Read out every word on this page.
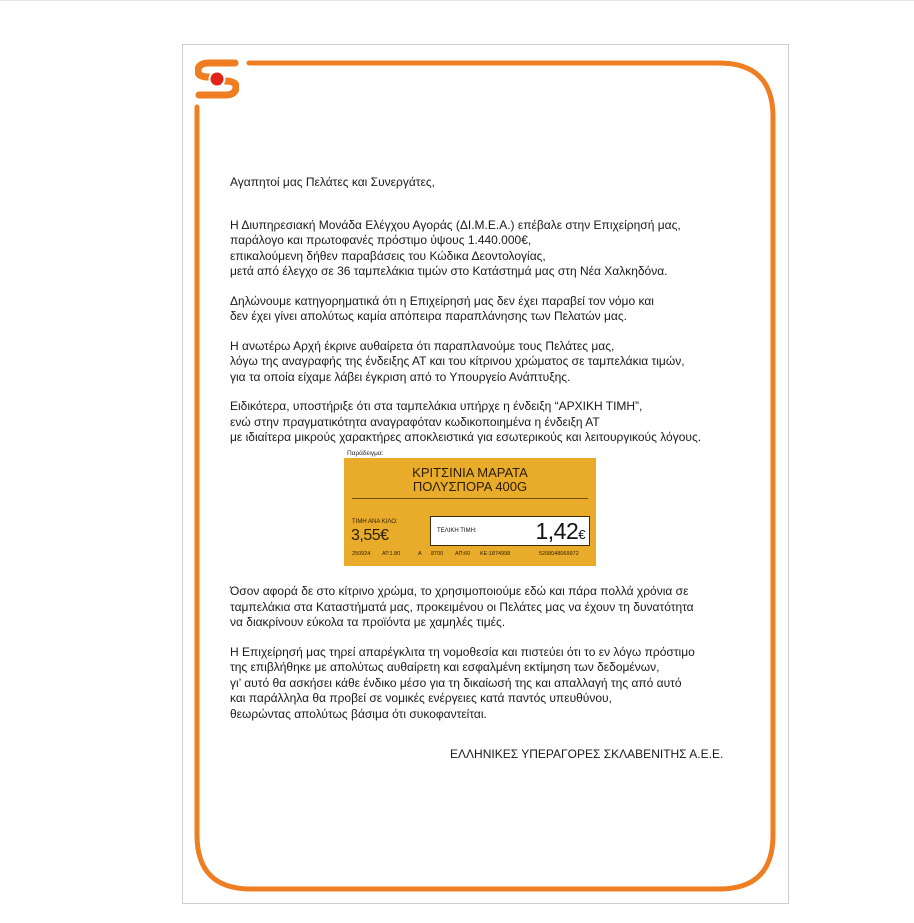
Αγαπητοί μας Πελάτες και Συνεργάτες,

Η Διυπηρεσιακή Μονάδα Ελέγχου Αγοράς (ΔΙ.Μ.Ε.Α.) επέβαλε στην Επιχείρησή μας,
παράλογο και πρωτοφανές πρόστιμο ύψους 1.440.000€,
επικαλούμενη δήθεν παραβάσεις του Κώδικα Δεοντολογίας,
μετά από έλεγχο σε 36 ταμπελάκια τιμών στο Κατάστημά μας στη Νέα Χαλκηδόνα.

Δηλώνουμε κατηγορηματικά ότι η Επιχείρησή μας δεν έχει παραβεί τον νόμο και
δεν έχει γίνει απολύτως καμία απόπειρα παραπλάνησης των Πελατών μας.

Η ανωτέρω Αρχή έκρινε αυθαίρετα ότι παραπλανούμε τους Πελάτες μας,
λόγω της αναγραφής της ένδειξης ΑΤ και του κίτρινου χρώματος σε ταμπελάκια τιμών,
για τα οποία είχαμε λάβει έγκριση από το Υπουργείο Ανάπτυξης.

Ειδικότερα, υποστήριξε ότι στα ταμπελάκια υπήρχε η ένδειξη “ΑΡΧΙΚΗ ΤΙΜΗ”,
ενώ στην πραγματικότητα αναγραφόταν κωδικοποιημένα η ένδειξη ΑΤ
με ιδιαίτερα μικρούς χαρακτήρες αποκλειστικά για εσωτερικούς και λειτουργικούς λόγους.

Παράδειγμα:
ΚΡΙΤΣΙΝΙΑ ΜΑΡΑΤΑ
ΠΟΛΥΣΠΟΡΑ 400G
ΤΙΜΗ ΑΝΑ ΚΙΛΟ:
3,55€	ΤΕΛΙΚΗ ΤΙΜΗ:	1,42€
250924 ΑΤ:1.80	Α 8700 ΑΠ:60 ΚΕ:1874998	5208048069972

Όσον αφορά δε στο κίτρινο χρώμα, το χρησιμοποιούμε εδώ και πάρα πολλά χρόνια σε
ταμπελάκια στα Καταστήματά μας, προκειμένου οι Πελάτες μας να έχουν τη δυνατότητα
να διακρίνουν εύκολα τα προϊόντα με χαμηλές τιμές.

Η Επιχείρησή μας τηρεί απαρέγκλιτα τη νομοθεσία και πιστεύει ότι το εν λόγω πρόστιμο
της επιβλήθηκε με απολύτως αυθαίρετη και εσφαλμένη εκτίμηση των δεδομένων,
γι’ αυτό θα ασκήσει κάθε ένδικο μέσο για τη δικαίωσή της και απαλλαγή της από αυτό
και παράλληλα θα προβεί σε νομικές ενέργειες κατά παντός υπευθύνου,
θεωρώντας απολύτως βάσιμα ότι συκοφαντείται.

ΕΛΛΗΝΙΚΕΣ ΥΠΕΡΑΓΟΡΕΣ ΣΚΛΑΒΕΝΙΤΗΣ Α.Ε.Ε.
